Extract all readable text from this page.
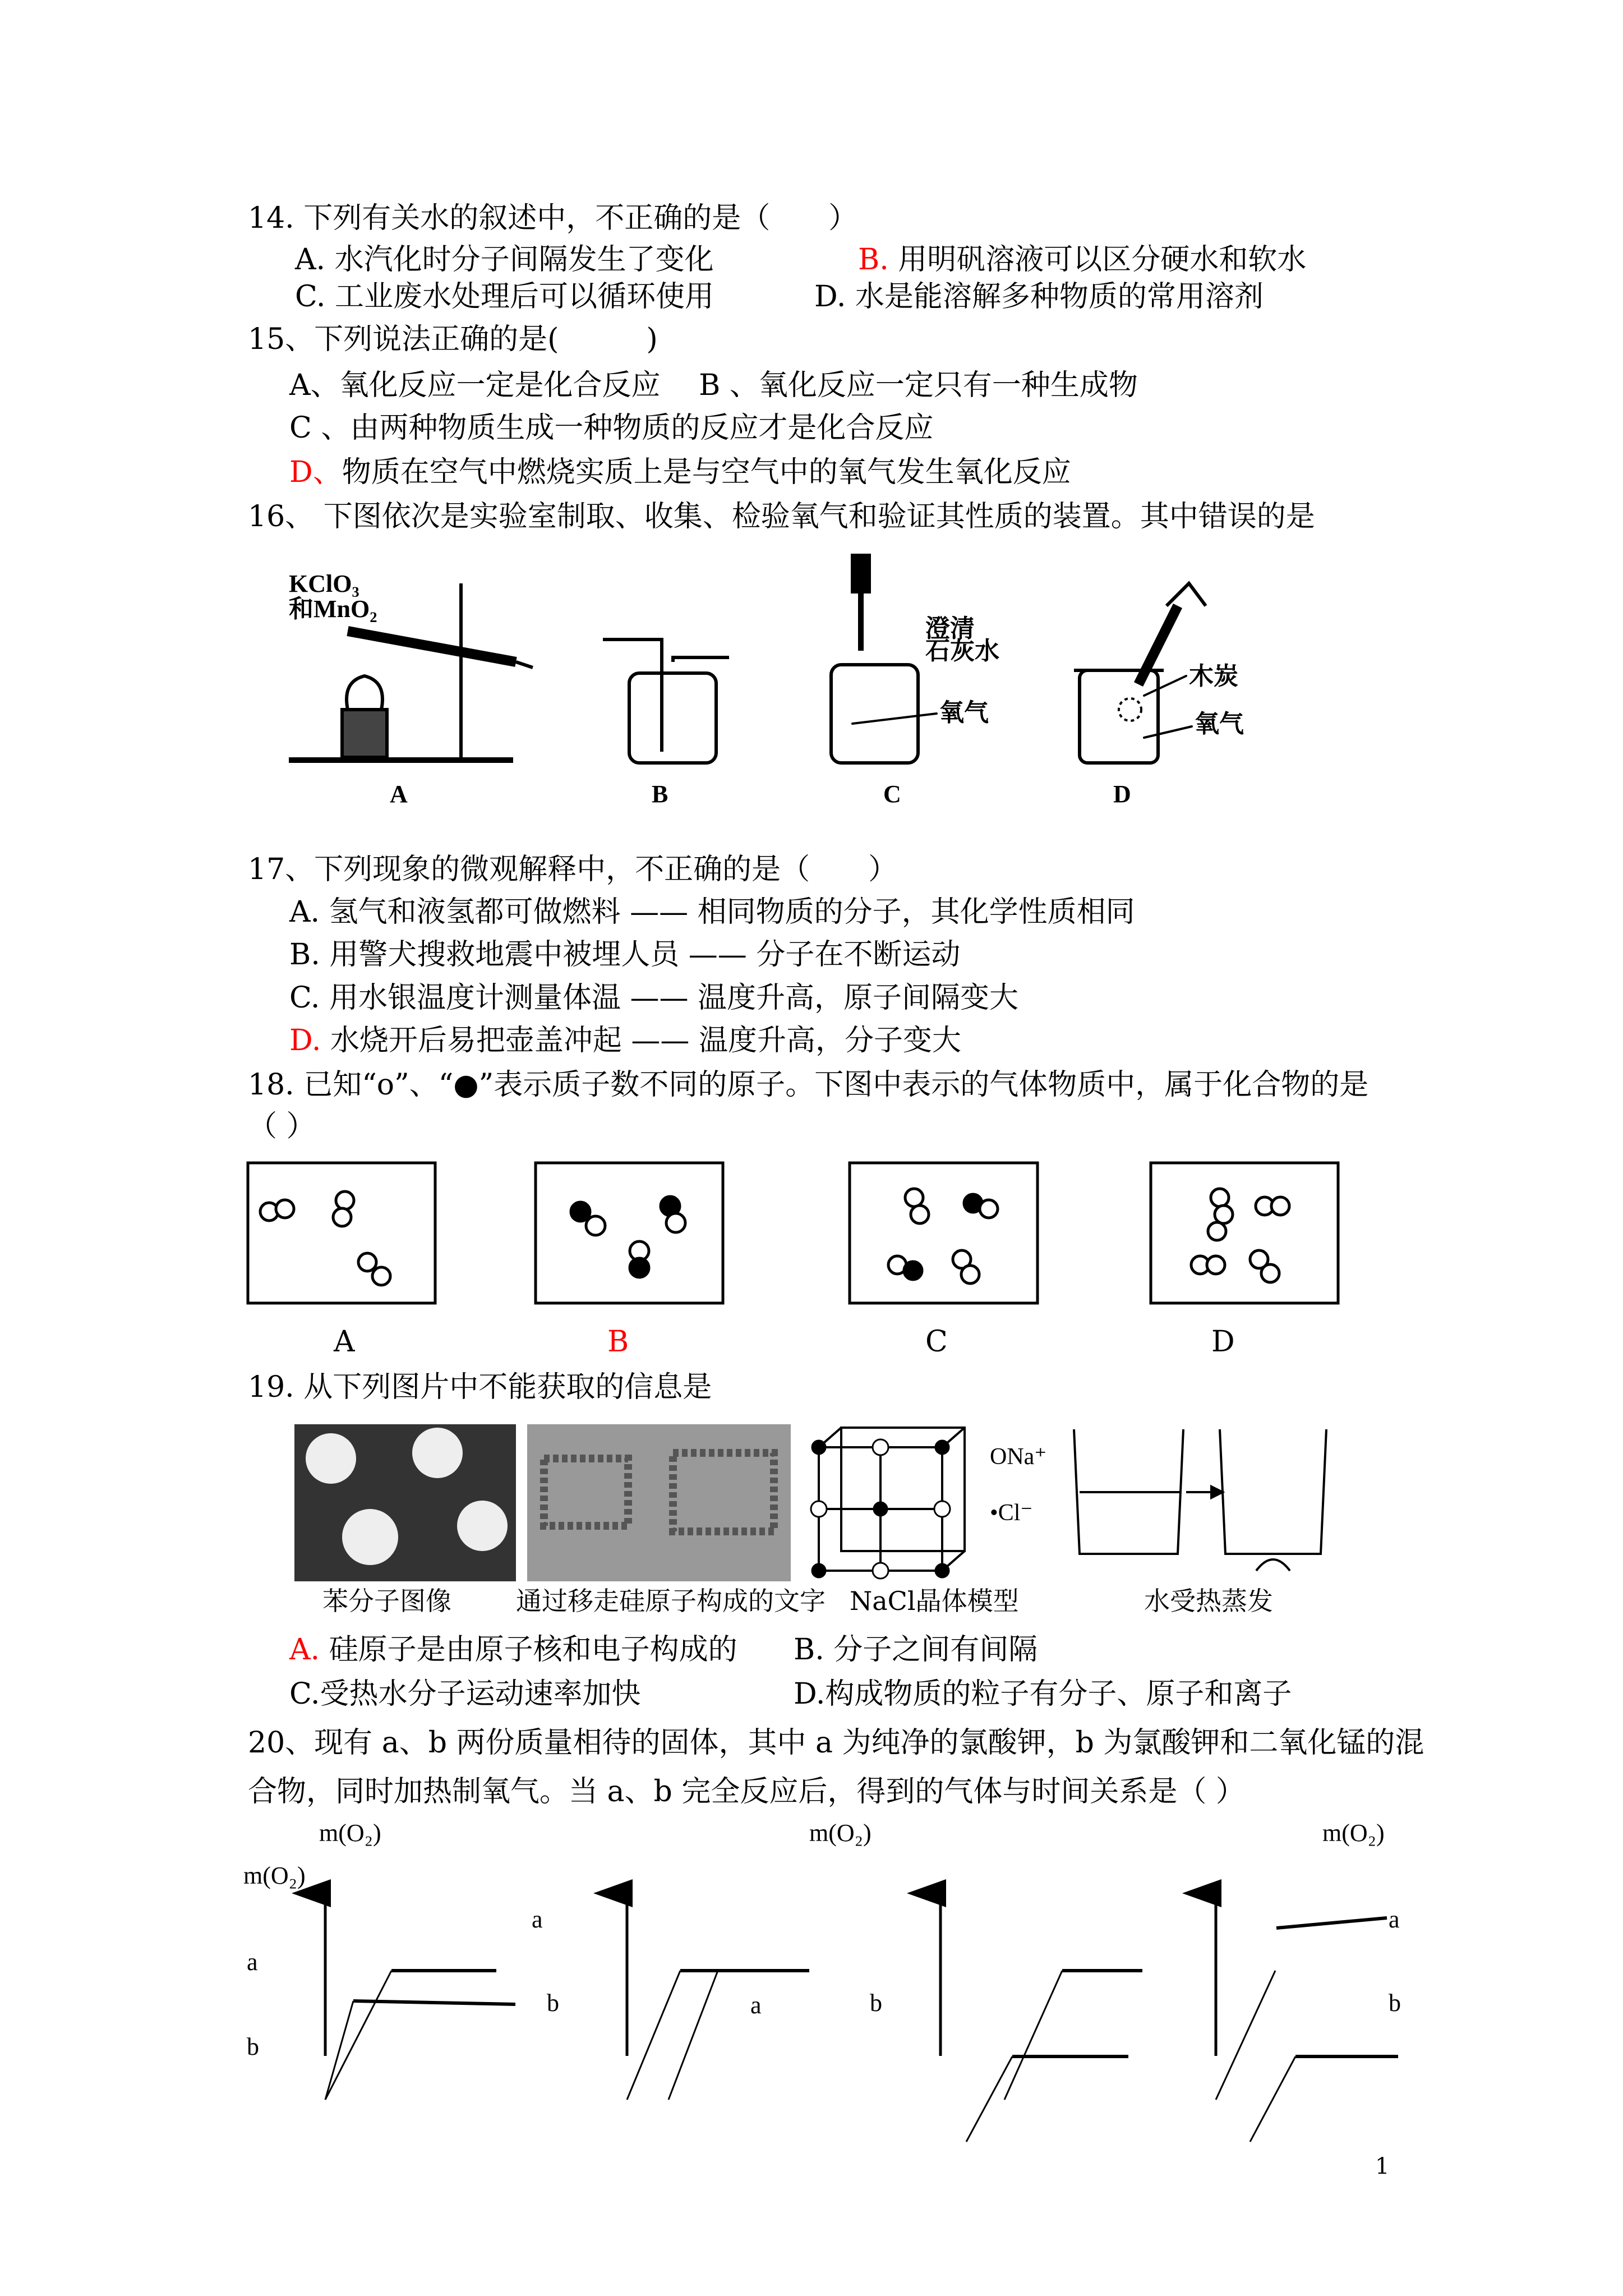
14. 下列有关水的叙述中，不正确的是（　　）
A. 水汽化时分子间隔发生了变化	B. 用明矾溶液可以区分硬水和软水
C. 工业废水处理后可以循环使用	D. 水是能溶解多种物质的常用溶剂
15、下列说法正确的是(　　　)
A、氧化反应一定是化合反应　 B 、氧化反应一定只有一种生成物
C 、由两种物质生成一种物质的反应才是化合反应
D、物质在空气中燃烧实质上是与空气中的氧气发生氧化反应
16、 下图依次是实验室制取、收集、检验氧气和验证其性质的装置。其中错误的是
KClO₃
和MnO₂
澄清
石灰水
氧气
木炭
氧气
A	B	C	D
17、下列现象的微观解释中，不正确的是（　　）
A. 氢气和液氢都可做燃料 —— 相同物质的分子，其化学性质相同
B. 用警犬搜救地震中被埋人员 —— 分子在不断运动
C. 用水银温度计测量体温 —— 温度升高，原子间隔变大
D. 水烧开后易把壶盖冲起 —— 温度升高，分子变大
18. 已知“o”、“●”表示质子数不同的原子。下图中表示的气体物质中，属于化合物的是
（ ）
A	B	C	D
19. 从下列图片中不能获取的信息是
ONa⁺
•Cl⁻
苯分子图像	通过移走硅原子构成的文字 NaCl晶体模型	水受热蒸发
A. 硅原子是由原子核和电子构成的 B. 分子之间有间隔
C.受热水分子运动速率加快	D.构成物质的粒子有分子、原子和离子
20、现有 a、b 两份质量相待的固体，其中 a 为纯净的氯酸钾，b 为氯酸钾和二氧化锰的混
合物，同时加热制氧气。当 a、b 完全反应后，得到的气体与时间关系是（ ）
m(O₂)
m(O₂)
m(O₂)	m(O₂)
a
a
b
b
a	b
a
b
1
